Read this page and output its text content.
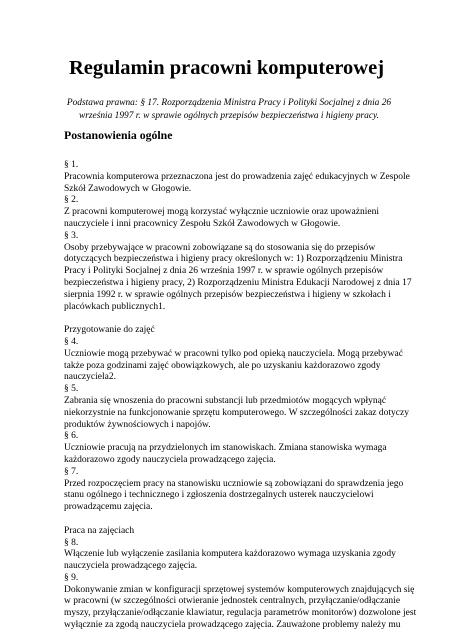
Regulamin pracowni komputerowej

Podstawa prawna: § 17. Rozporządzenia Ministra Pracy i Polityki Socjalnej z dnia 26
września 1997 r. w sprawie ogólnych przepisów bezpieczeństwa i higieny pracy.

Postanowienia ogólne
§ 1.
Pracownia komputerowa przeznaczona jest do prowadzenia zajęć edukacyjnych w Zespole
Szkół Zawodowych w Głogowie.
§ 2.
Z pracowni komputerowej mogą korzystać wyłącznie uczniowie oraz upoważnieni
nauczyciele i inni pracownicy Zespołu Szkół Zawodowych w Głogowie.
§ 3.
Osoby przebywające w pracowni zobowiązane są do stosowania się do przepisów
dotyczących bezpieczeństwa i higieny pracy określonych w: 1) Rozporządzeniu Ministra
Pracy i Polityki Socjalnej z dnia 26 września 1997 r. w sprawie ogólnych przepisów
bezpieczeństwa i higieny pracy, 2) Rozporządzeniu Ministra Edukacji Narodowej z dnia 17
sierpnia 1992 r. w sprawie ogólnych przepisów bezpieczeństwa i higieny w szkołach i
placówkach publicznych1.
Przygotowanie do zajęć
§ 4.
Uczniowie mogą przebywać w pracowni tylko pod opieką nauczyciela. Mogą przebywać
także poza godzinami zajęć obowiązkowych, ale po uzyskaniu każdorazowo zgody
nauczyciela2.
§ 5.
Zabrania się wnoszenia do pracowni substancji lub przedmiotów mogących wpłynąć
niekorzystnie na funkcjonowanie sprzętu komputerowego. W szczególności zakaz dotyczy
produktów żywnościowych i napojów.
§ 6.
Uczniowie pracują na przydzielonych im stanowiskach. Zmiana stanowiska wymaga
każdorazowo zgody nauczyciela prowadzącego zajęcia.
§ 7.
Przed rozpoczęciem pracy na stanowisku uczniowie są zobowiązani do sprawdzenia jego
stanu ogólnego i technicznego i zgłoszenia dostrzegalnych usterek nauczycielowi
prowadzącemu zajęcia.
Praca na zajęciach
§ 8.
Włączenie lub wyłączenie zasilania komputera każdorazowo wymaga uzyskania zgody
nauczyciela prowadzącego zajęcia.
§ 9.
Dokonywanie zmian w konfiguracji sprzętowej systemów komputerowych znajdujących się
w pracowni (w szczególności otwieranie jednostek centralnych, przyłączanie/odłączanie
myszy, przyłączanie/odłączanie klawiatur, regulacja parametrów monitorów) dozwolone jest
wyłącznie za zgodą nauczyciela prowadzącego zajęcia. Zauważone problemy należy mu
